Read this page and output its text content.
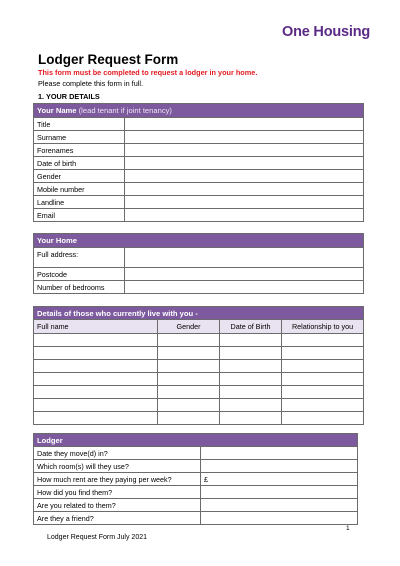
One Housing
Lodger Request Form
This form must be completed to request a lodger in your home.
Please complete this form in full.
1. YOUR DETAILS
Your Name (lead tenant if joint tenancy)	
Title	
Surname	
Forenames	
Date of birth	
Gender	
Mobile number	
Landline	
Email	
Your Home	
Full address:	
Postcode	
Number of bedrooms	
Details of those who currently live with you -			
Full name	Gender	Date of Birth	Relationship to you

Lodger	
Date they move(d) in?	
Which room(s) will they use?	
How much rent are they paying per week?	£
How did you find them?	
Are you related to them?	
Are they a friend?	
1
Lodger Request Form July 2021
